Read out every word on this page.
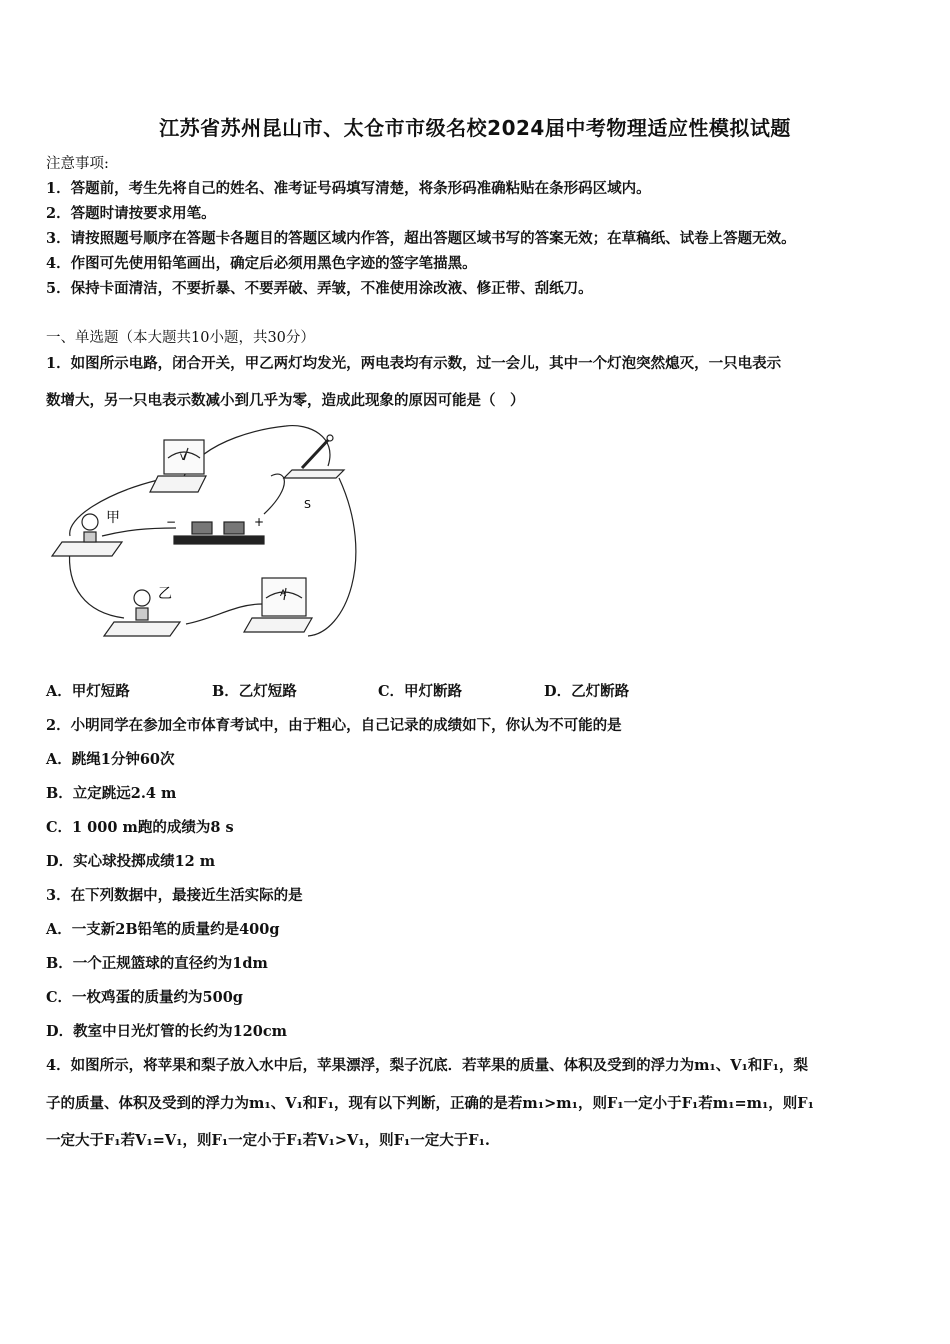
江苏省苏州昆山市、太仓市市级名校2024届中考物理适应性模拟试题
注意事项:
1．答题前，考生先将自己的姓名、准考证号码填写清楚，将条形码准确粘贴在条形码区域内。
2．答题时请按要求用笔。
3．请按照题号顺序在答题卡各题目的答题区域内作答，超出答题区域书写的答案无效；在草稿纸、试卷上答题无效。
4．作图可先使用铅笔画出，确定后必须用黑色字迹的签字笔描黑。
5．保持卡面清洁，不要折暴、不要弄破、弄皱，不准使用涂改液、修正带、刮纸刀。
一、单选题（本大题共10小题，共30分）
1．如图所示电路，闭合开关，甲乙两灯均发光，两电表均有示数，过一会儿，其中一个灯泡突然熄灭，一只电表示
数增大，另一只电表示数减小到几乎为零，造成此现象的原因可能是（　）
V
A
甲
乙
S
−	+
A．甲灯短路	B．乙灯短路	C．甲灯断路	D．乙灯断路
2．小明同学在参加全市体育考试中，由于粗心，自己记录的成绩如下，你认为不可能的是
A．跳绳1分钟60次
B．立定跳远2.4 m
C．1 000 m跑的成绩为8 s
D．实心球投掷成绩12 m
3．在下列数据中，最接近生活实际的是
A．一支新2B铅笔的质量约是400g
B．一个正规篮球的直径约为1dm
C．一枚鸡蛋的质量约为500g
D．教室中日光灯管的长约为120cm
4．如图所示，将苹果和梨子放入水中后，苹果漂浮，梨子沉底．若苹果的质量、体积及受到的浮力为m₁、V₁和F₁，梨
子的质量、体积及受到的浮力为m₁、V₁和F₁，现有以下判断，正确的是若m₁>m₁，则F₁一定小于F₁若m₁=m₁，则F₁
一定大于F₁若V₁=V₁，则F₁一定小于F₁若V₁>V₁，则F₁一定大于F₁.
